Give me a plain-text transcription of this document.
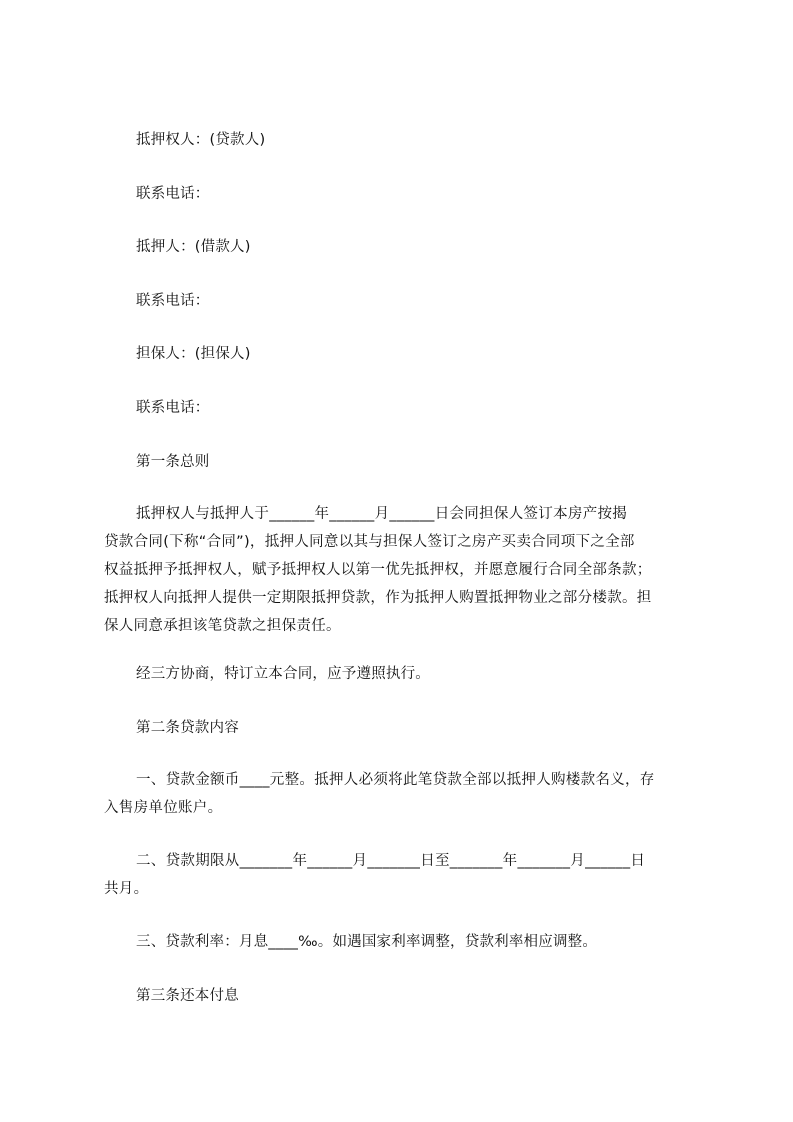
抵押权人：(贷款人)
联系电话：
抵押人：(借款人)
联系电话：
担保人：(担保人)
联系电话：
第一条总则
抵押权人与抵押人于______年______月______日会同担保人签订本房产按揭
贷款合同(下称“合同”)，抵押人同意以其与担保人签订之房产买卖合同项下之全部
权益抵押予抵押权人，赋予抵押权人以第一优先抵押权，并愿意履行合同全部条款；
抵押权人向抵押人提供一定期限抵押贷款，作为抵押人购置抵押物业之部分楼款。担
保人同意承担该笔贷款之担保责任。
经三方协商，特订立本合同，应予遵照执行。
第二条贷款内容
一、贷款金额币____元整。抵押人必须将此笔贷款全部以抵押人购楼款名义，存
入售房单位账户。
二、贷款期限从_______年______月_______日至_______年_______月______日
共月。
三、贷款利率：月息____‰。如遇国家利率调整，贷款利率相应调整。
第三条还本付息
